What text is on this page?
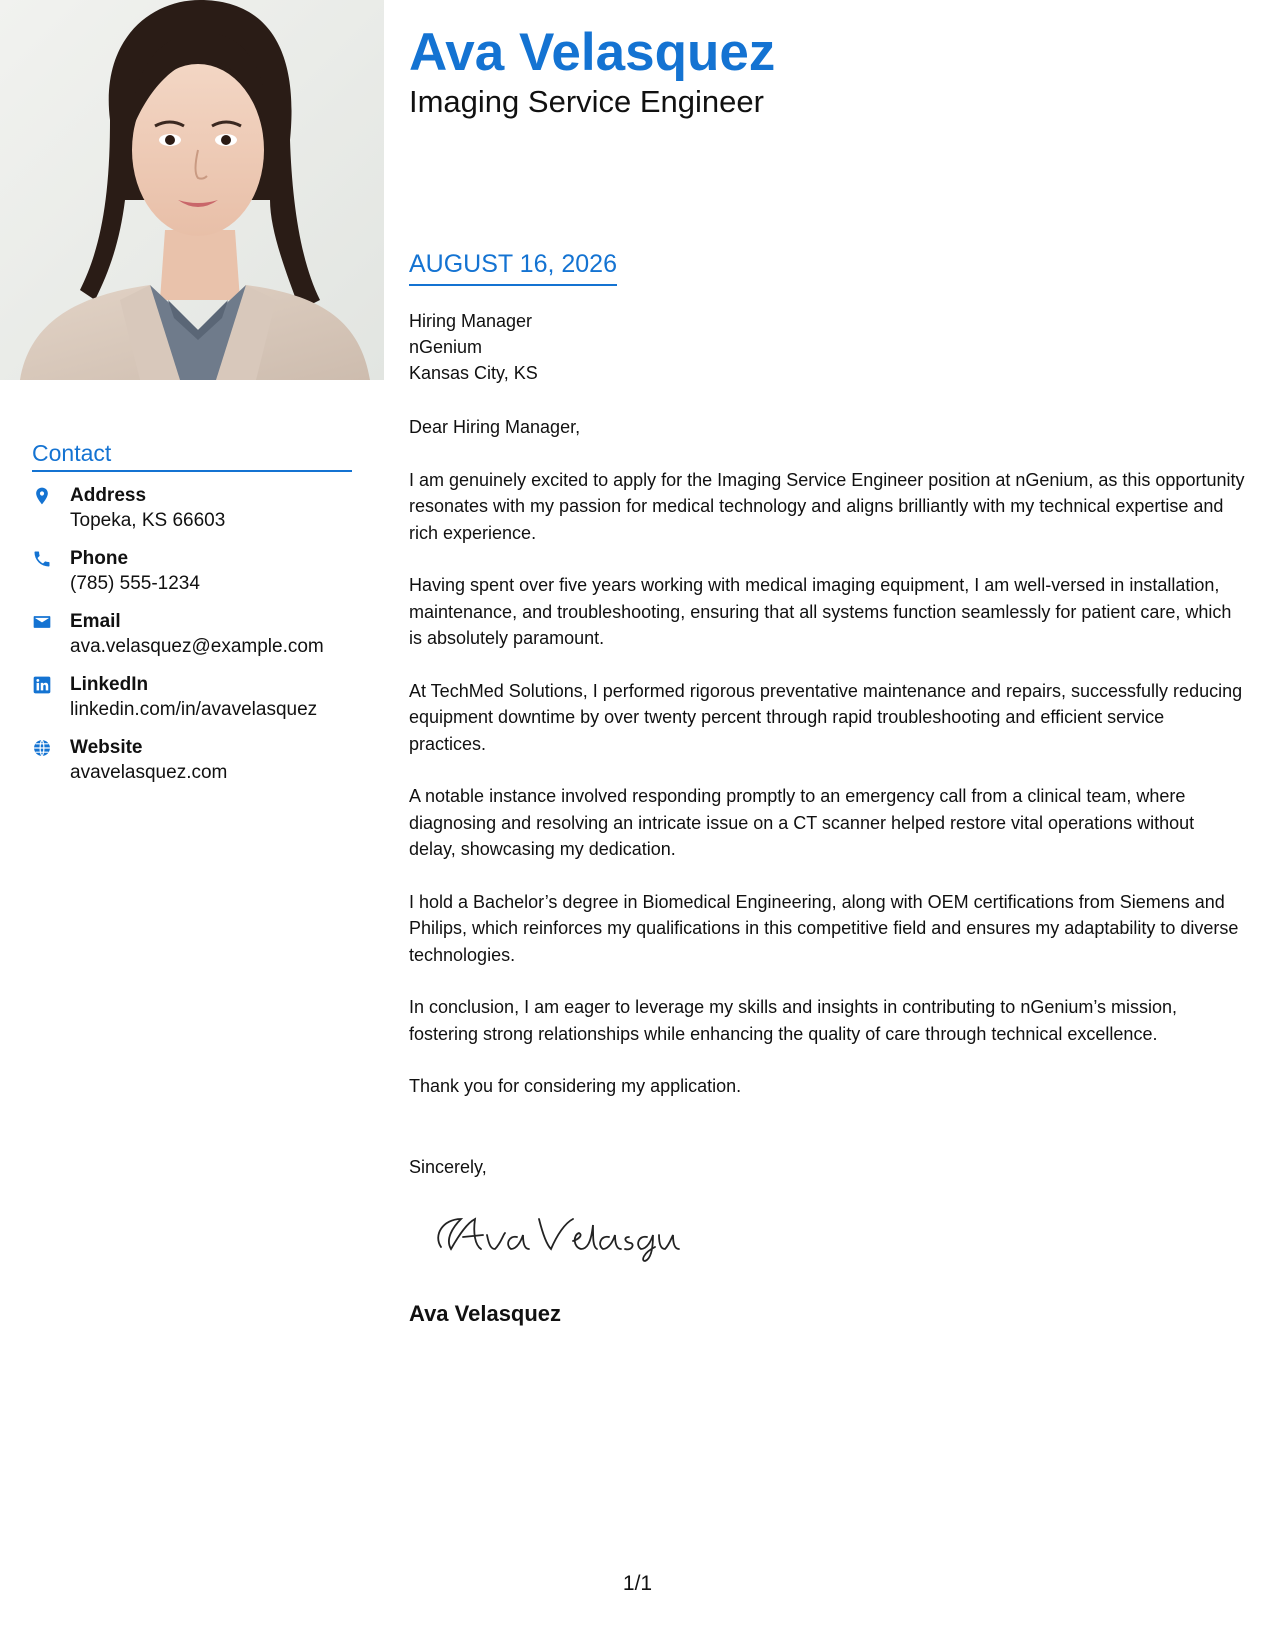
Contact
Address
Topeka, KS 66603
Phone
(785) 555-1234
Email
ava.velasquez@example.com
LinkedIn
linkedin.com/in/avavelasquez
Website
avavelasquez.com
Ava Velasquez
Imaging Service Engineer
AUGUST 16, 2026
Hiring Manager
nGenium
Kansas City, KS

Dear Hiring Manager,

I am genuinely excited to apply for the Imaging Service Engineer position at nGenium, as this opportunity resonates with my passion for medical technology and aligns brilliantly with my technical expertise and rich experience.

Having spent over five years working with medical imaging equipment, I am well-versed in installation, maintenance, and troubleshooting, ensuring that all systems function seamlessly for patient care, which is absolutely paramount.

At TechMed Solutions, I performed rigorous preventative maintenance and repairs, successfully reducing equipment downtime by over twenty percent through rapid troubleshooting and efficient service practices.

A notable instance involved responding promptly to an emergency call from a clinical team, where diagnosing and resolving an intricate issue on a CT scanner helped restore vital operations without delay, showcasing my dedication.

I hold a Bachelor’s degree in Biomedical Engineering, along with OEM certifications from Siemens and Philips, which reinforces my qualifications in this competitive field and ensures my adaptability to diverse technologies.

In conclusion, I am eager to leverage my skills and insights in contributing to nGenium’s mission, fostering strong relationships while enhancing the quality of care through technical excellence.

Thank you for considering my application.

Sincerely,
Ava Velasquez
1/1
